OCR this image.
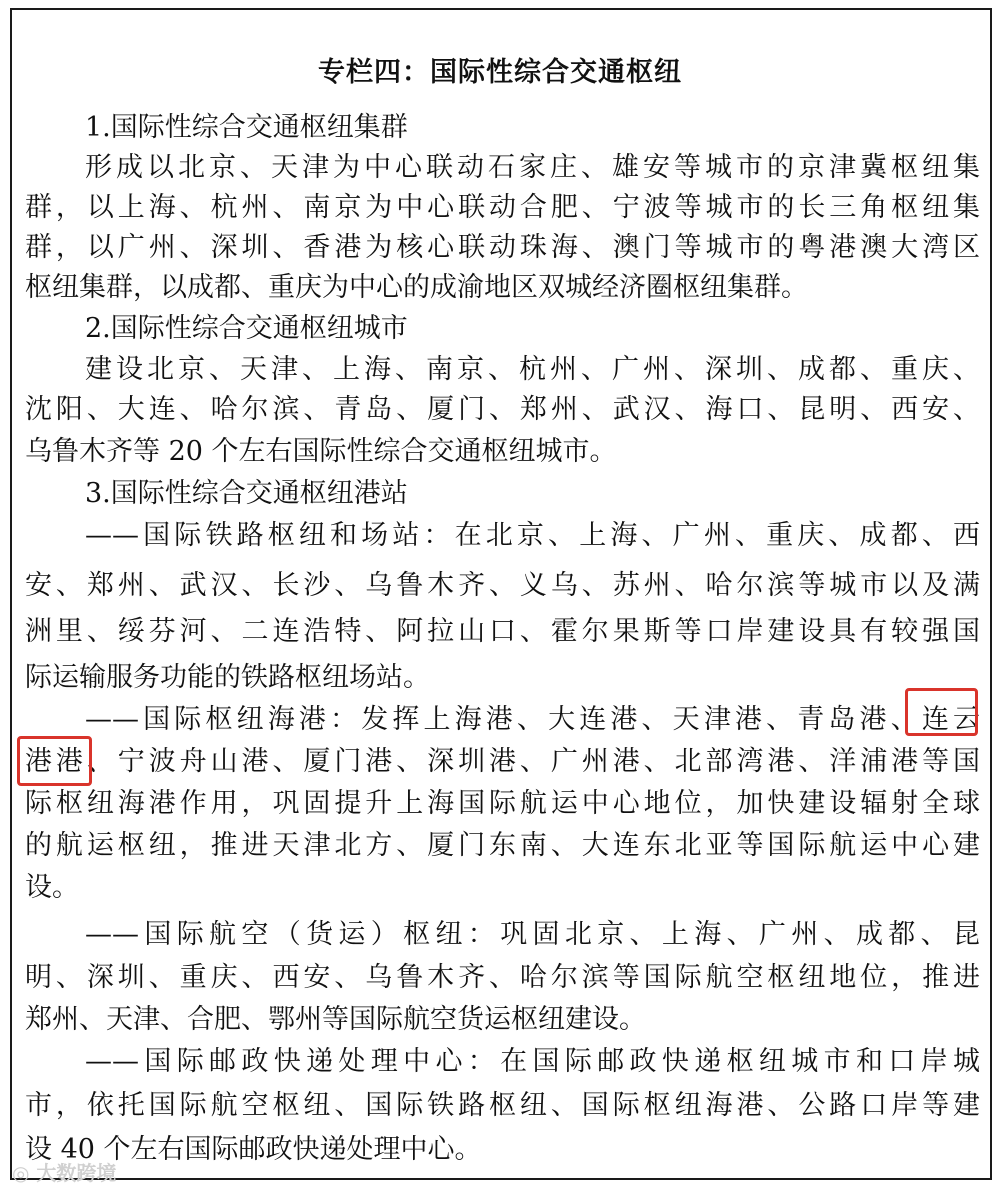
专栏四：国际性综合交通枢纽
1.国际性综合交通枢纽集群
形成以北京、天津为中心联动石家庄、雄安等城市的京津冀枢纽集
群，以上海、杭州、南京为中心联动合肥、宁波等城市的长三角枢纽集
群，以广州、深圳、香港为核心联动珠海、澳门等城市的粤港澳大湾区
枢纽集群，以成都、重庆为中心的成渝地区双城经济圈枢纽集群。
2.国际性综合交通枢纽城市
建设北京、天津、上海、南京、杭州、广州、深圳、成都、重庆、
沈阳、大连、哈尔滨、青岛、厦门、郑州、武汉、海口、昆明、西安、
乌鲁木齐等 20 个左右国际性综合交通枢纽城市。
3.国际性综合交通枢纽港站
——国际铁路枢纽和场站：在北京、上海、广州、重庆、成都、西
安、郑州、武汉、长沙、乌鲁木齐、义乌、苏州、哈尔滨等城市以及满
洲里、绥芬河、二连浩特、阿拉山口、霍尔果斯等口岸建设具有较强国
际运输服务功能的铁路枢纽场站。
——国际枢纽海港：发挥上海港、大连港、天津港、青岛港、连云
港港、宁波舟山港、厦门港、深圳港、广州港、北部湾港、洋浦港等国
际枢纽海港作用，巩固提升上海国际航运中心地位，加快建设辐射全球
的航运枢纽，推进天津北方、厦门东南、大连东北亚等国际航运中心建
设。
——国际航空（货运）枢纽：巩固北京、上海、广州、成都、昆
明、深圳、重庆、西安、乌鲁木齐、哈尔滨等国际航空枢纽地位，推进
郑州、天津、合肥、鄂州等国际航空货运枢纽建设。
——国际邮政快递处理中心：在国际邮政快递枢纽城市和口岸城
市，依托国际航空枢纽、国际铁路枢纽、国际枢纽海港、公路口岸等建
设 40 个左右国际邮政快递处理中心。
◎ 大数跨境
